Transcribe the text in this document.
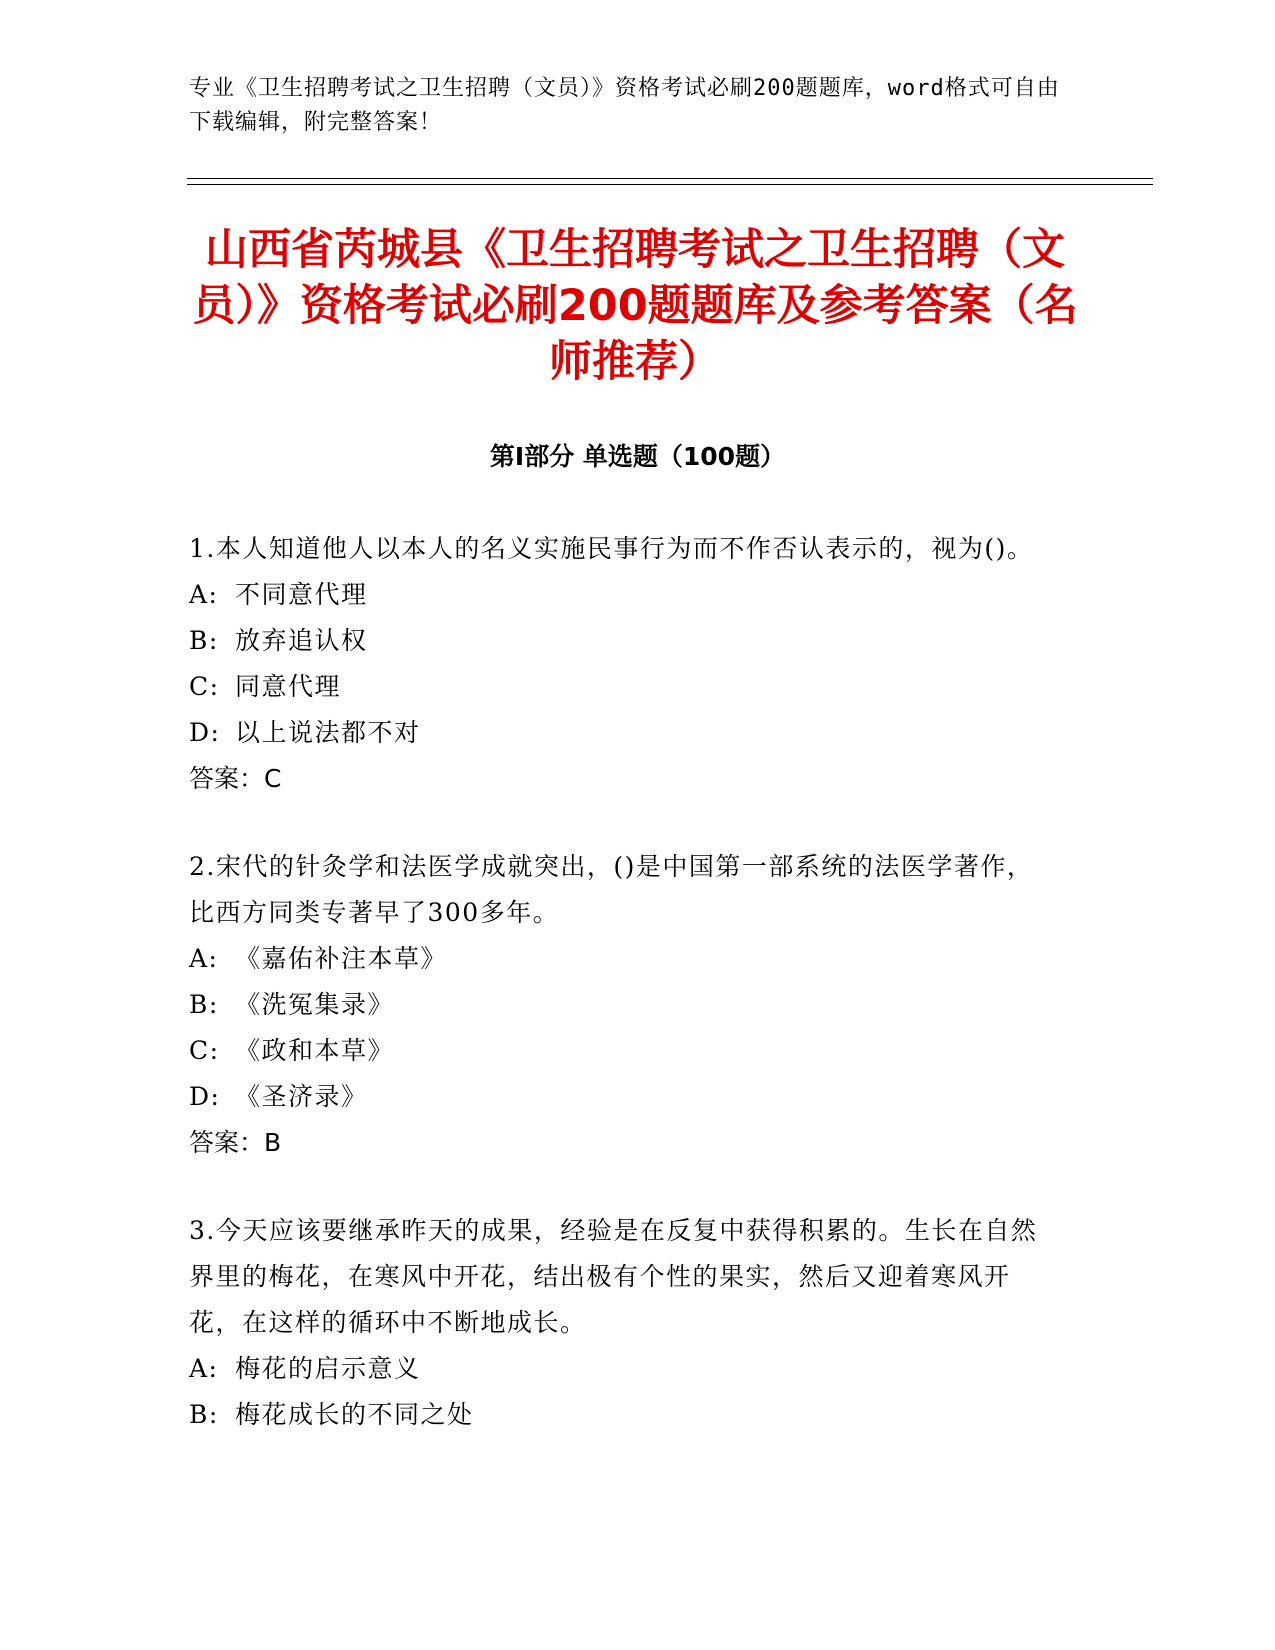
专业《卫生招聘考试之卫生招聘（文员）》资格考试必刷200题题库，word格式可自由下载编辑，附完整答案！
山西省芮城县《卫生招聘考试之卫生招聘（文员）》资格考试必刷200题题库及参考答案（名师推荐）
第Ⅰ部分 单选题（100题）
1.本人知道他人以本人的名义实施民事行为而不作否认表示的，视为()。
A: 不同意代理
B: 放弃追认权
C: 同意代理
D: 以上说法都不对
答案：C
2.宋代的针灸学和法医学成就突出，()是中国第一部系统的法医学著作，比西方同类专著早了300多年。
A: 《嘉佑补注本草》
B: 《洗冤集录》
C: 《政和本草》
D: 《圣济录》
答案：B
3.今天应该要继承昨天的成果，经验是在反复中获得积累的。生长在自然界里的梅花，在寒风中开花，结出极有个性的果实，然后又迎着寒风开花，在这样的循环中不断地成长。
A: 梅花的启示意义
B: 梅花成长的不同之处
